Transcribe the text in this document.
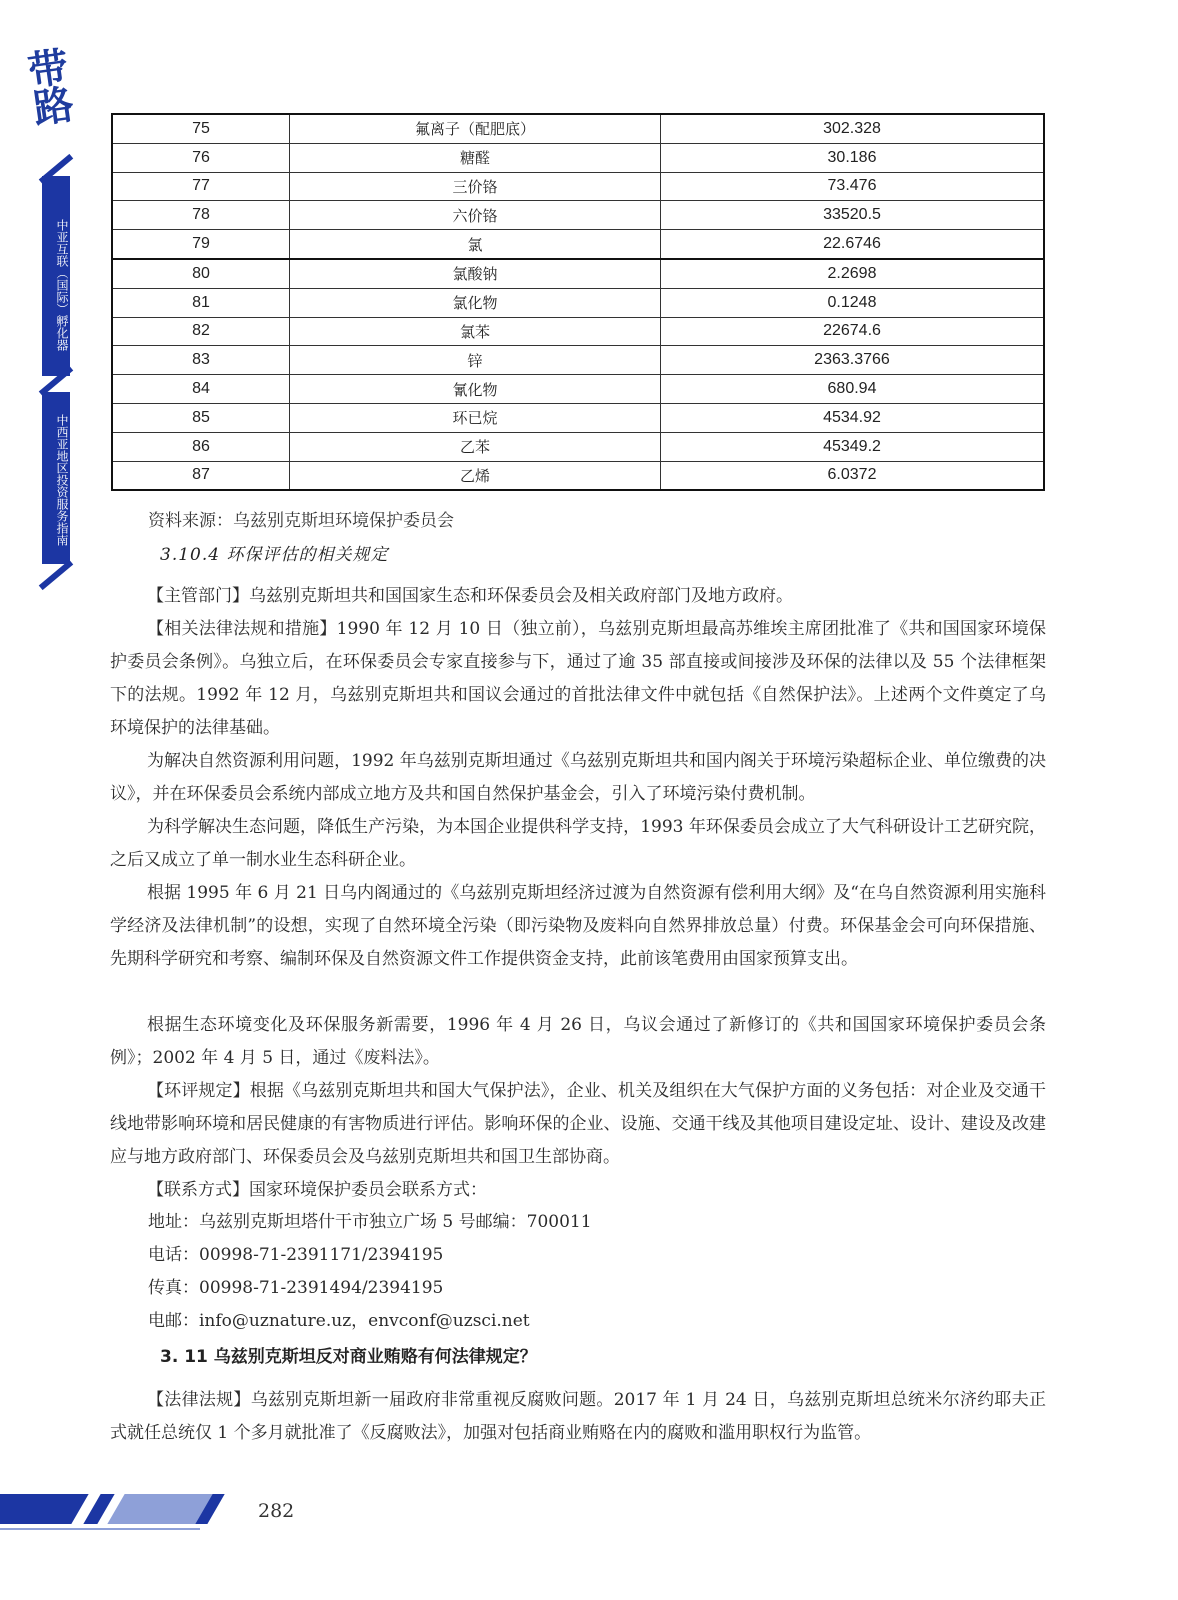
带
路
中亚互联（国际）孵化器
中西亚地区投资服务指南
75	氟离子（配肥底）	302.328
76	糖醛	30.186
77	三价铬	73.476
78	六价铬	33520.5
79	氯	22.6746
80	氯酸钠	2.2698
81	氯化物	0.1248
82	氯苯	22674.6
83	锌	2363.3766
84	氰化物	680.94
85	环已烷	4534.92
86	乙苯	45349.2
87	乙烯	6.0372
资料来源：乌兹别克斯坦环境保护委员会
3.10.4 环保评估的相关规定

【主管部门】乌兹别克斯坦共和国国家生态和环保委员会及相关政府部门及地方政府。

【相关法律法规和措施】1990 年 12 月 10 日（独立前），乌兹别克斯坦最高苏维埃主席团批准了《共和国国家环境保护委员会条例》。乌独立后，在环保委员会专家直接参与下，通过了逾 35 部直接或间接涉及环保的法律以及 55 个法律框架下的法规。1992 年 12 月，乌兹别克斯坦共和国议会通过的首批法律文件中就包括《自然保护法》。上述两个文件奠定了乌环境保护的法律基础。

为解决自然资源利用问题，1992 年乌兹别克斯坦通过《乌兹别克斯坦共和国内阁关于环境污染超标企业、单位缴费的决议》，并在环保委员会系统内部成立地方及共和国自然保护基金会，引入了环境污染付费机制。

为科学解决生态问题，降低生产污染，为本国企业提供科学支持，1993 年环保委员会成立了大气科研设计工艺研究院，之后又成立了单一制水业生态科研企业。

根据 1995 年 6 月 21 日乌内阁通过的《乌兹别克斯坦经济过渡为自然资源有偿利用大纲》及“在乌自然资源利用实施科学经济及法律机制”的设想，实现了自然环境全污染（即污染物及废料向自然界排放总量）付费。环保基金会可向环保措施、先期科学研究和考察、编制环保及自然资源文件工作提供资金支持，此前该笔费用由国家预算支出。

根据生态环境变化及环保服务新需要，1996 年 4 月 26 日，乌议会通过了新修订的《共和国国家环境保护委员会条例》；2002 年 4 月 5 日，通过《废料法》。

【环评规定】根据《乌兹别克斯坦共和国大气保护法》，企业、机关及组织在大气保护方面的义务包括：对企业及交通干线地带影响环境和居民健康的有害物质进行评估。影响环保的企业、设施、交通干线及其他项目建设定址、设计、建设及改建应与地方政府部门、环保委员会及乌兹别克斯坦共和国卫生部协商。

【联系方式】国家环境保护委员会联系方式：

地址：乌兹别克斯坦塔什干市独立广场 5 号邮编：700011

电话：00998-71-2391171/2394195

传真：00998-71-2391494/2394195

电邮：info@uznature.uz，envconf@uzsci.net

3. 11 乌兹别克斯坦反对商业贿赂有何法律规定？

【法律法规】乌兹别克斯坦新一届政府非常重视反腐败问题。2017 年 1 月 24 日，乌兹别克斯坦总统米尔济约耶夫正式就任总统仅 1 个多月就批准了《反腐败法》，加强对包括商业贿赂在内的腐败和滥用职权行为监管。

282
